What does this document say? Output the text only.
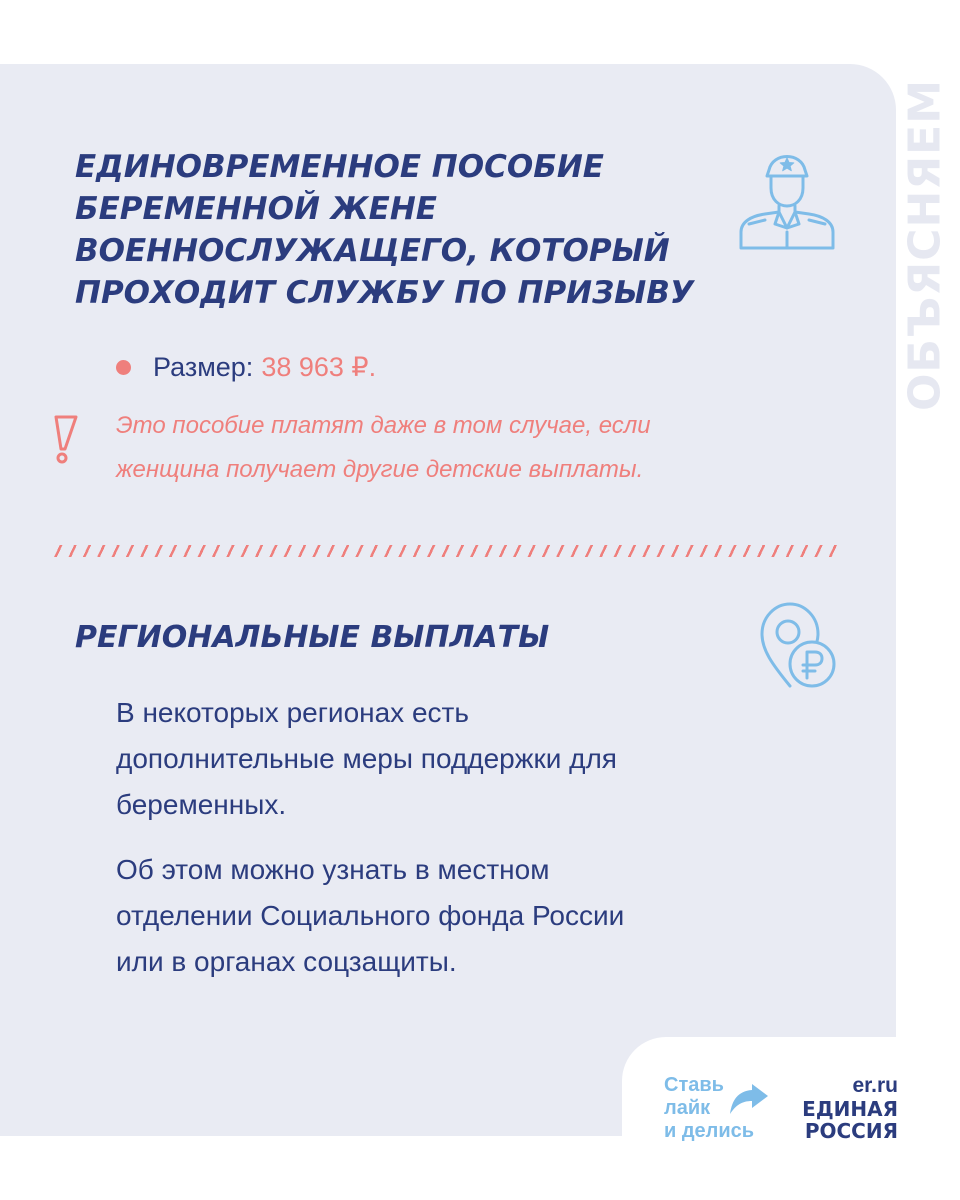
ОБЪЯСНЯЕМ
ЕДИНОВРЕМЕННОЕ ПОСОБИЕ
БЕРЕМЕННОЙ ЖЕНЕ
ВОЕННОСЛУЖАЩЕГО, КОТОРЫЙ
ПРОХОДИТ СЛУЖБУ ПО ПРИЗЫВУ
Размер: 38 963 ₽.
Это пособие платят даже в том случае, если
женщина получает другие детские выплаты.
РЕГИОНАЛЬНЫЕ ВЫПЛАТЫ
В некоторых регионах есть
дополнительные меры поддержки для
беременных.
Об этом можно узнать в местном
отделении Социального фонда России
или в органах соцзащиты.
Ставь
лайк
и делись
er.ru
ЕДИНАЯ
РОССИЯ
